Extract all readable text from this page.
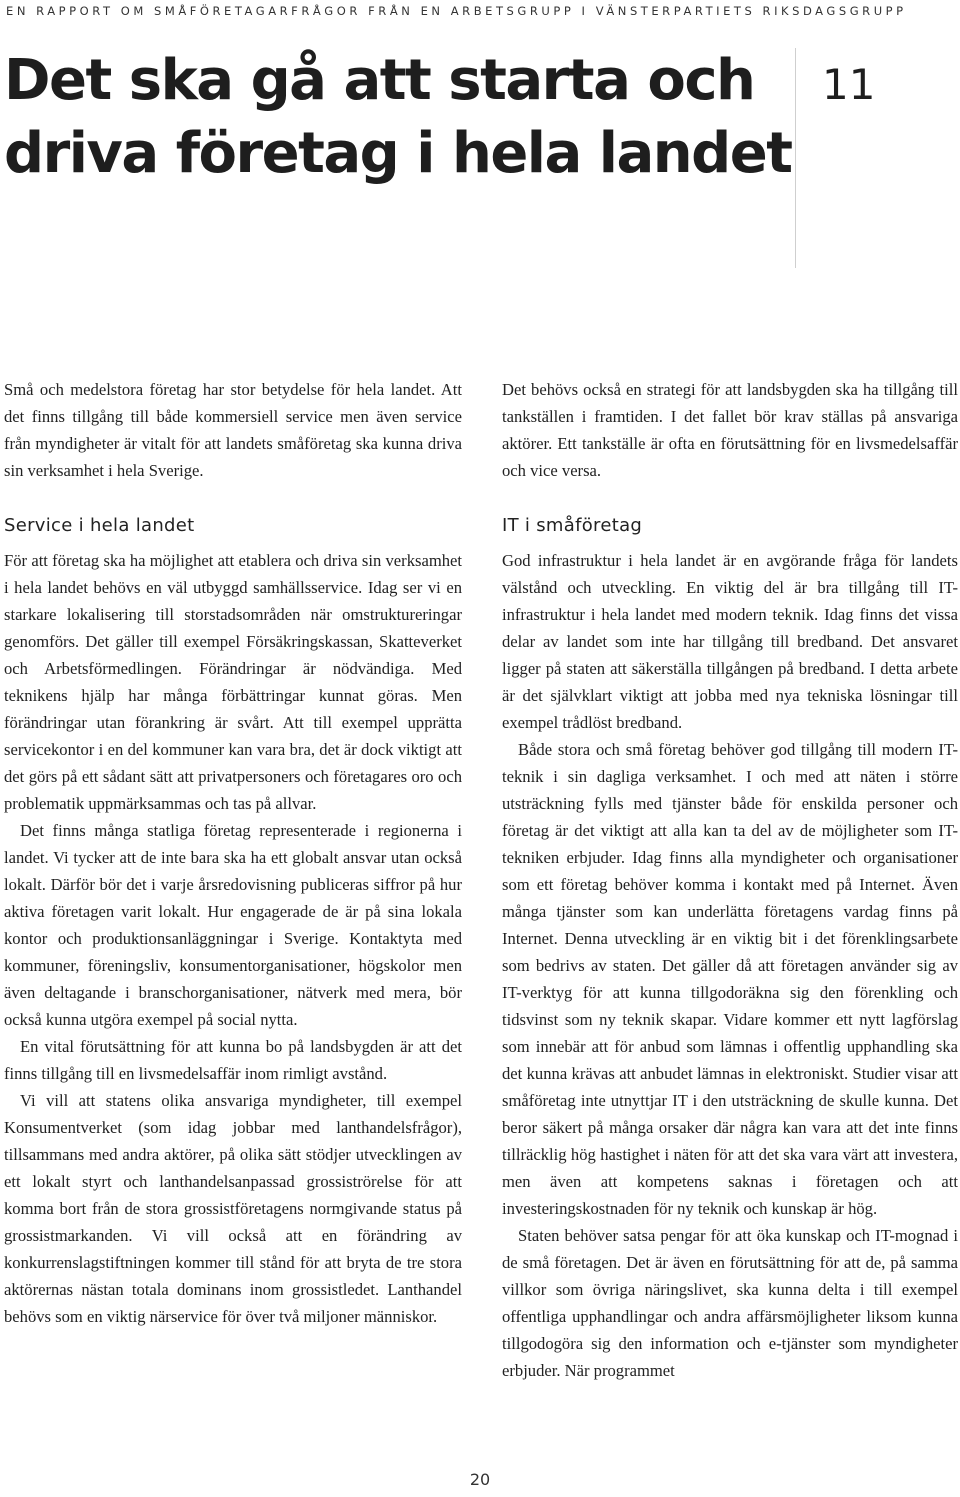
EN RAPPORT OM SMÅFÖRETAGARFRÅGOR FRÅN EN ARBETSGRUPP I VÄNSTERPARTIETS RIKSDAGSGRUPP
Det ska gå att starta och
driva företag i hela landet
11

Små och medelstora företag har stor betydelse för hela landet. Att det finns tillgång till både kommersiell service men även service från myndigheter är vitalt för att landets småföretag ska kunna driva sin verksamhet i hela Sverige.

Service i hela landet

För att företag ska ha möjlighet att etablera och driva sin verksamhet i hela landet behövs en väl utbyggd samhällsservice. Idag ser vi en starkare lokalisering till storstadsområden när omstruktureringar genomförs. Det gäller till exempel Försäkringskassan, Skatteverket och Arbetsförmedlingen. Förändringar är nödvändiga. Med teknikens hjälp har många förbättringar kunnat göras. Men förändringar utan förankring är svårt. Att till exempel upprätta servicekontor i en del kommuner kan vara bra, det är dock viktigt att det görs på ett sådant sätt att privatpersoners och företagares oro och problematik uppmärksammas och tas på allvar.

Det finns många statliga företag representerade i regionerna i landet. Vi tycker att de inte bara ska ha ett globalt ansvar utan också lokalt. Därför bör det i varje årsredovisning publiceras siffror på hur aktiva företagen varit lokalt. Hur engagerade de är på sina lokala kontor och produktionsanläggningar i Sverige. Kontaktyta med kommuner, föreningsliv, konsumentorganisationer, högskolor men även deltagande i branschorganisationer, nätverk med mera, bör också kunna utgöra exempel på social nytta.

En vital förutsättning för att kunna bo på landsbygden är att det finns tillgång till en livsmedelsaffär inom rimligt avstånd.

Vi vill att statens olika ansvariga myndigheter, till exempel Konsumentverket (som idag jobbar med lanthandelsfrågor), tillsammans med andra aktörer, på olika sätt stödjer utvecklingen av ett lokalt styrt och lanthandelsanpassad grossiströrelse för att komma bort från de stora grossistföretagens normgivande status på grossistmarkanden. Vi vill också att en förändring av konkurrenslagstiftningen kommer till stånd för att bryta de tre stora aktörernas nästan totala dominans inom grossistledet. Lanthandel behövs som en viktig närservice för över två miljoner människor.

Det behövs också en strategi för att landsbygden ska ha tillgång till tankställen i framtiden. I det fallet bör krav ställas på ansvariga aktörer. Ett tankställe är ofta en förutsättning för en livsmedelsaffär och vice versa.

IT i småföretag

God infrastruktur i hela landet är en avgörande fråga för landets välstånd och utveckling. En viktig del är bra tillgång till IT-infrastruktur i hela landet med modern teknik. Idag finns det vissa delar av landet som inte har tillgång till bredband. Det ansvaret ligger på staten att säkerställa tillgången på bredband. I detta arbete är det självklart viktigt att jobba med nya tekniska lösningar till exempel trådlöst bredband.

Både stora och små företag behöver god tillgång till modern IT-teknik i sin dagliga verksamhet. I och med att näten i större utsträckning fylls med tjänster både för enskilda personer och företag är det viktigt att alla kan ta del av de möjligheter som IT-tekniken erbjuder. Idag finns alla myndigheter och organisationer som ett företag behöver komma i kontakt med på Internet. Även många tjänster som kan underlätta företagens vardag finns på Internet. Denna utveckling är en viktig bit i det förenklingsarbete som bedrivs av staten. Det gäller då att företagen använder sig av IT-verktyg för att kunna tillgodoräkna sig den förenkling och tidsvinst som ny teknik skapar. Vidare kommer ett nytt lagförslag som innebär att för anbud som lämnas i offentlig upphandling ska det kunna krävas att anbudet lämnas in elektroniskt. Studier visar att småföretag inte utnyttjar IT i den utsträckning de skulle kunna. Det beror säkert på många orsaker där några kan vara att det inte finns tillräcklig hög hastighet i näten för att det ska vara värt att investera, men även att kompetens saknas i företagen och att investeringskostnaden för ny teknik och kunskap är hög.

Staten behöver satsa pengar för att öka kunskap och IT-mognad i de små företagen. Det är även en förutsättning för att de, på samma villkor som övriga näringslivet, ska kunna delta i till exempel offentliga upphandlingar och andra affärsmöjligheter liksom kunna tillgodogöra sig den information och e-tjänster som myndigheter erbjuder. När programmet

20
